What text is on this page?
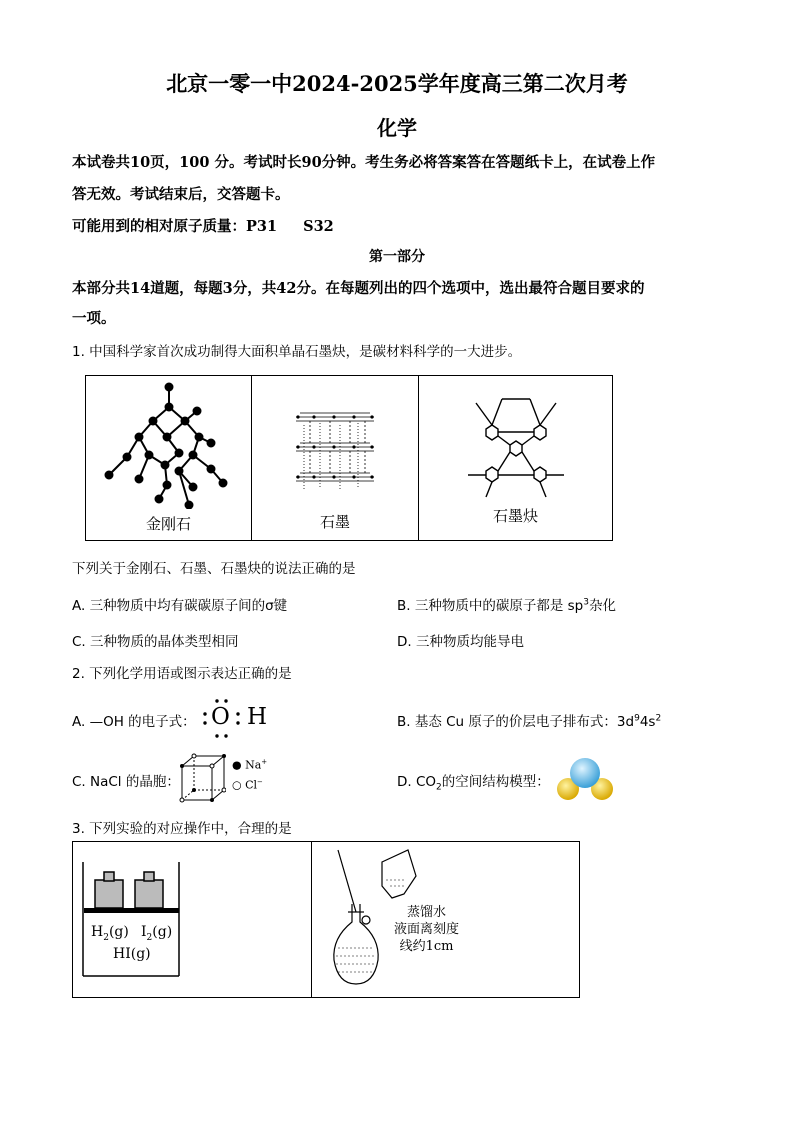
北京一零一中2024-2025学年度高三第二次月考
化学
本试卷共10页，100 分。考试时长90分钟。考生务必将答案答在答题纸卡上，在试卷上作
答无效。考试结束后，交答题卡。
可能用到的相对原子质量：P31 S32
第一部分
本部分共14道题，每题3分，共42分。在每题列出的四个选项中，选出最符合题目要求的
一项。
1. 中国科学家首次成功制得大面积单晶石墨炔，是碳材料科学的一大进步。
金刚石	石墨	石墨炔
下列关于金刚石、石墨、石墨炔的说法正确的是
A. 三种物质中均有碳碳原子间的σ键	B. 三种物质中的碳原子都是 $sp^3$杂化
C. 三种物质的晶体类型相同	D. 三种物质均能导电
2. 下列化学用语或图示表达正确的是
A. —OH 的电子式： O H	B. 基态 Cu 原子的价层电子排布式：$3d^94s^2$
C. NaCl 的晶胞：
● Na+
○ Cl−	D. $CO_2$的空间结构模型：
3. 下列实验的对应操作中，合理的是
$H_2(g)$ $I_2(g)$
HI(g)

蒸馏水
液面离刻度
线约1cm
